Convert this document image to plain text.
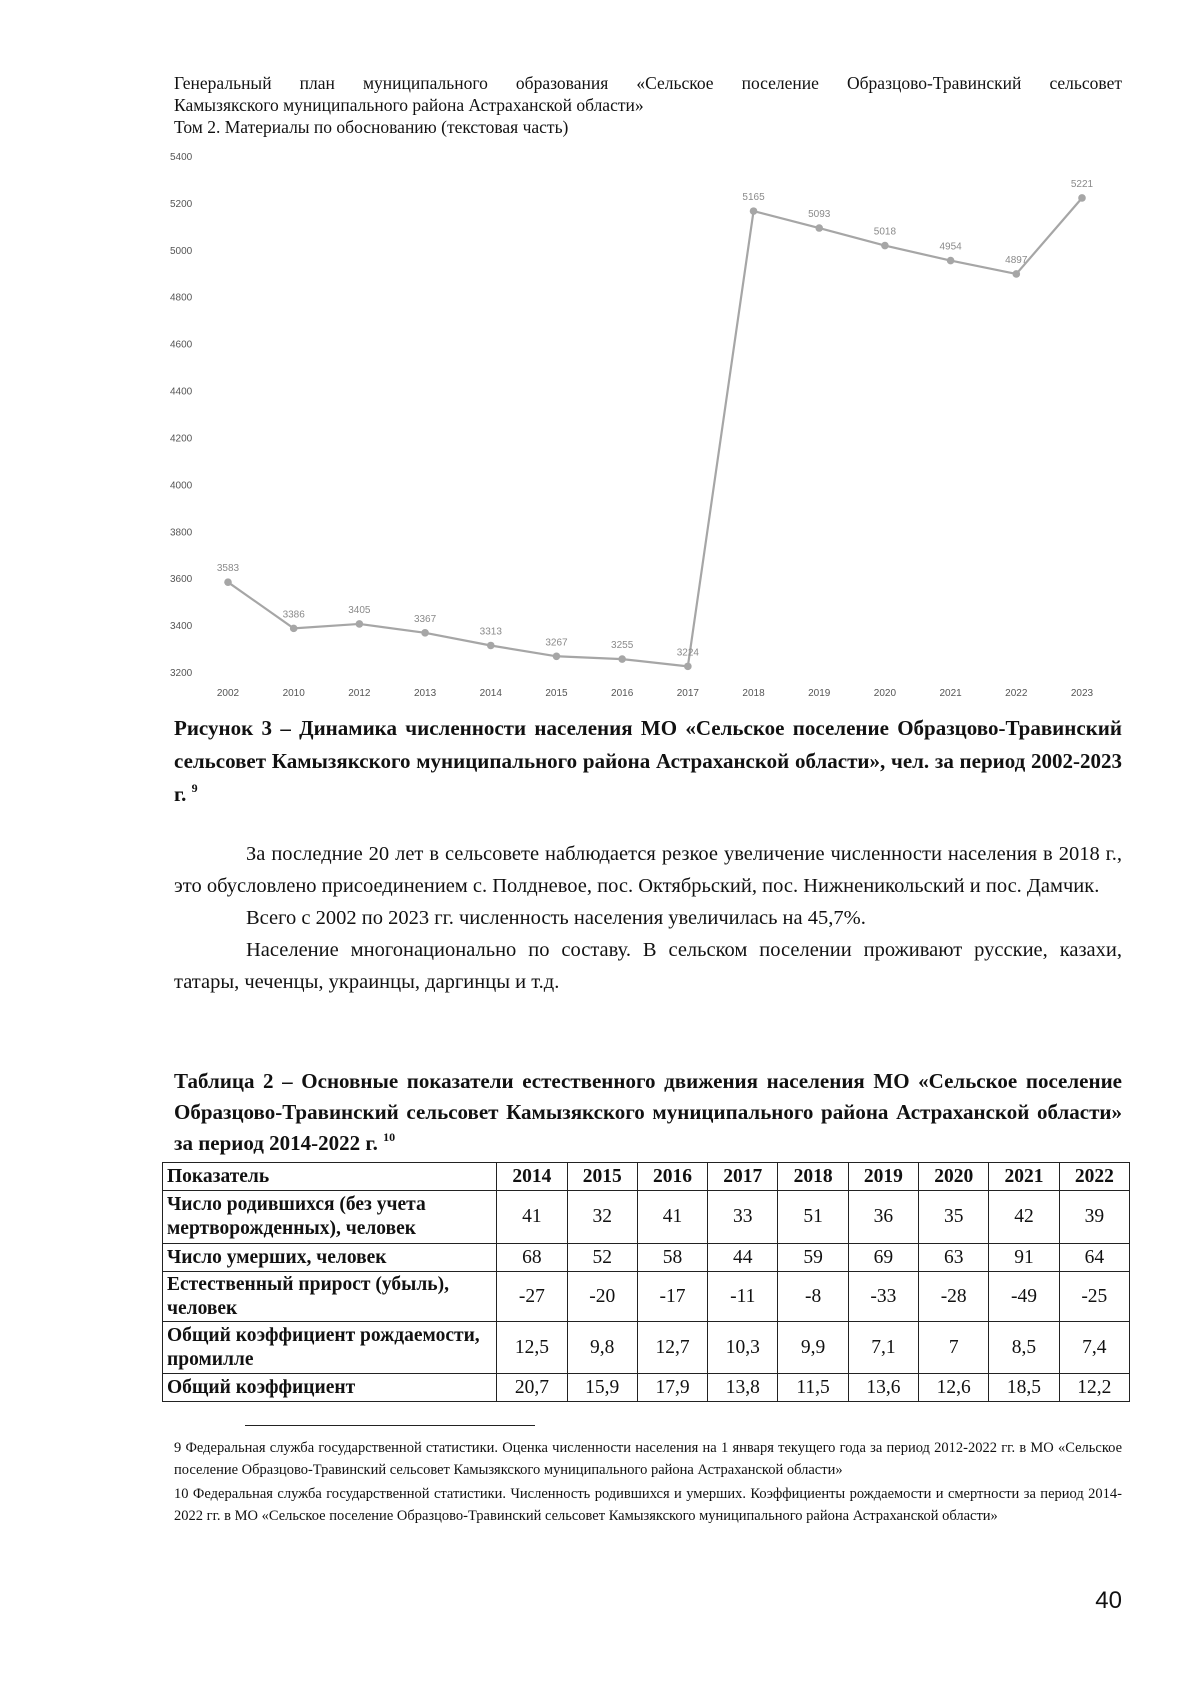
Генеральный план муниципального образования «Сельское поселение Образцово-Травинский сельсовет
Камызякского муниципального района Астраханской области»
Том 2. Материалы по обоснованию (текстовая часть)
3200
3400
3600
3800
4000
4200
4400
4600
4800
5000
5200
5400
2002	2010	2012	2013	2014	2015	2016	2017	2018	2019	2020	2021	2022	2023
3583
3386	3405
3367
3313
3267	3255
3224
5165
5093
5018
4954
4897
5221
Рисунок 3 – Динамика численности населения МО «Сельское поселение Образцово-Травинский сельсовет Камызякского муниципального района Астраханской области», чел. за период 2002-2023 г. $^9$

За последние 20 лет в сельсовете наблюдается резкое увеличение численности населения в 2018 г., это обусловлено присоединением с. Полдневое, пос. Октябрьский, пос. Нижненикольский и пос. Дамчик.

Всего с 2002 по 2023 гг. численность населения увеличилась на 45,7%.

Население многонационально по составу. В сельском поселении проживают русские, казахи, татары, чеченцы, украинцы, даргинцы и т.д.

Таблица 2 – Основные показатели естественного движения населения МО «Сельское поселение Образцово-Травинский сельсовет Камызякского муниципального района Астраханской области» за период 2014-2022 г. $^{10}$
Показатель	2014	2015	2016	2017	2018	2019	2020	2021	2022
Число родившихся (без учета мертворожденных), человек	41	32	41	33	51	36	35	42	39
Число умерших, человек	68	52	58	44	59	69	63	91	64
Естественный прирост (убыль), человек	-27	-20	-17	-11	-8	-33	-28	-49	-25
Общий коэффициент рождаемости, промилле	12,5	9,8	12,7	10,3	9,9	7,1	7	8,5	7,4
Общий коэффициент	20,7	15,9	17,9	13,8	11,5	13,6	12,6	18,5	12,2

9 Федеральная служба государственной статистики. Оценка численности населения на 1 января текущего года за период 2012-2022 гг. в МО «Сельское поселение Образцово-Травинский сельсовет Камызякского муниципального района Астраханской области»

10 Федеральная служба государственной статистики. Численность родившихся и умерших. Коэффициенты рождаемости и смертности за период 2014-2022 гг. в МО «Сельское поселение Образцово-Травинский сельсовет Камызякского муниципального района Астраханской области»

40
